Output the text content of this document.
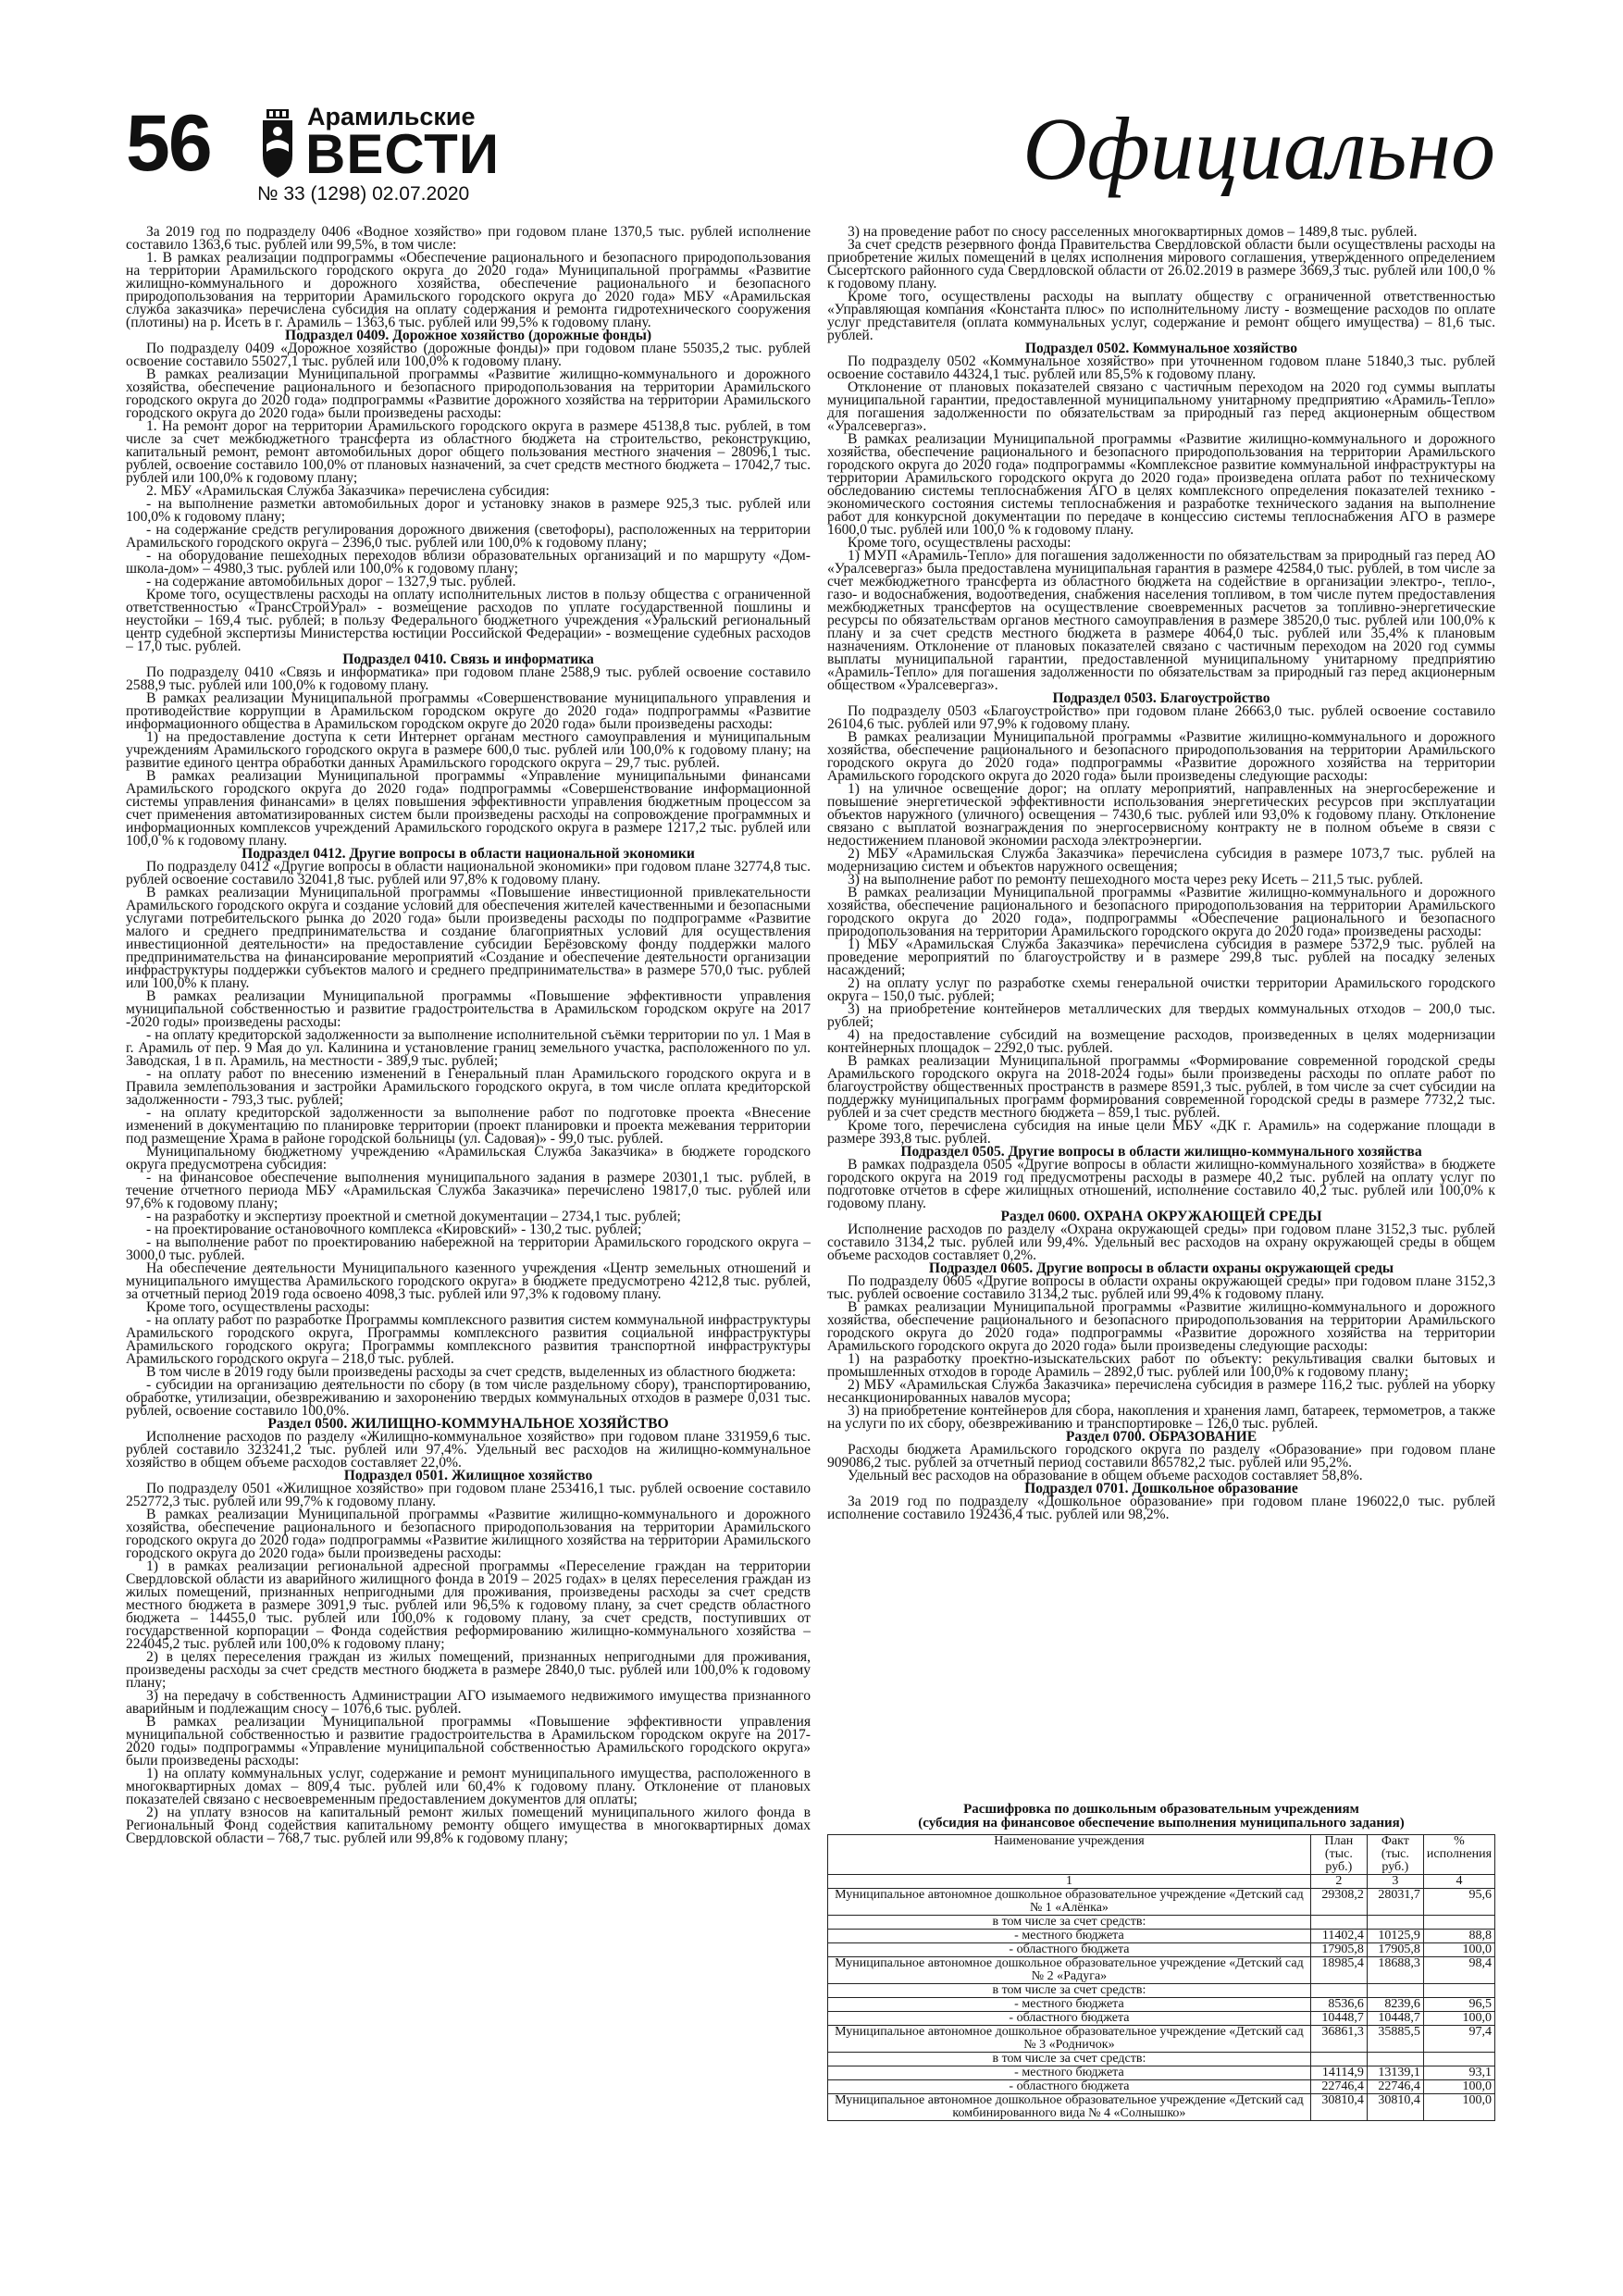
56	Арамильские
ВЕСТИ
№ 33 (1298) 02.07.2020	Официально

За 2019 год по подразделу 0406 «Водное хозяйство» при годовом плане 1370,5 тыс. рублей исполнение составило 1363,6 тыс. рублей или 99,5%, в том числе:

1. В рамках реализации подпрограммы «Обеспечение рационального и безопасного природопользования на территории Арамильского городского округа до 2020 года» Муниципальной программы «Развитие жилищно-коммунального и дорожного хозяйства, обеспечение рационального и безопасного природопользования на территории Арамильского городского округа до 2020 года» МБУ «Арамильская служба заказчика» перечислена субсидия на оплату содержания и ремонта гидротехнического сооружения (плотины) на р. Исеть в г. Арамиль – 1363,6 тыс. рублей или 99,5% к годовому плану.

Подраздел 0409. Дорожное хозяйство (дорожные фонды)

По подразделу 0409 «Дорожное хозяйство (дорожные фонды)» при годовом плане 55035,2 тыс. рублей освоение составило 55027,1 тыс. рублей или 100,0% к годовому плану.

В рамках реализации Муниципальной программы «Развитие жилищно-коммунального и дорожного хозяйства, обеспечение рационального и безопасного природопользования на территории Арамильского городского округа до 2020 года» подпрограммы «Развитие дорожного хозяйства на территории Арамильского городского округа до 2020 года» были произведены расходы:

1. На ремонт дорог на территории Арамильского городского округа в размере 45138,8 тыс. рублей, в том числе за счет межбюджетного трансферта из областного бюджета на строительство, реконструкцию, капитальный ремонт, ремонт автомобильных дорог общего пользования местного значения – 28096,1 тыс. рублей, освоение составило 100,0% от плановых назначений, за счет средств местного бюджета – 17042,7 тыс. рублей или 100,0% к годовому плану;

2. МБУ «Арамильская Служба Заказчика» перечислена субсидия:

- на выполнение разметки автомобильных дорог и установку знаков в размере 925,3 тыс. рублей или 100,0% к годовому плану;

- на содержание средств регулирования дорожного движения (светофоры), расположенных на территории Арамильского городского округа – 2396,0 тыс. рублей или 100,0% к годовому плану;

- на оборудование пешеходных переходов вблизи образовательных организаций и по маршруту «Дом-школа-дом» – 4980,3 тыс. рублей или 100,0% к годовому плану;

- на содержание автомобильных дорог – 1327,9 тыс. рублей.

Кроме того, осуществлены расходы на оплату исполнительных листов в пользу общества с ограниченной ответственностью «ТрансСтройУрал» - возмещение расходов по уплате государственной пошлины и неустойки – 169,4 тыс. рублей; в пользу Федерального бюджетного учреждения «Уральский региональный центр судебной экспертизы Министерства юстиции Российской Федерации» - возмещение судебных расходов – 17,0 тыс. рублей.

Подраздел 0410. Связь и информатика

По подразделу 0410 «Связь и информатика» при годовом плане 2588,9 тыс. рублей освоение составило 2588,9 тыс. рублей или 100,0% к годовому плану.

В рамках реализации Муниципальной программы «Совершенствование муниципального управления и противодействие коррупции в Арамильском городском округе до 2020 года» подпрограммы «Развитие информационного общества в Арамильском городском округе до 2020 года» были произведены расходы:

1) на предоставление доступа к сети Интернет органам местного самоуправления и муниципальным учреждениям Арамильского городского округа в размере 600,0 тыс. рублей или 100,0% к годовому плану; на развитие единого центра обработки данных Арамильского городского округа – 29,7 тыс. рублей.

В рамках реализации Муниципальной программы «Управление муниципальными финансами Арамильского городского округа до 2020 года» подпрограммы «Совершенствование информационной системы управления финансами» в целях повышения эффективности управления бюджетным процессом за счет применения автоматизированных систем были произведены расходы на сопровождение программных и информационных комплексов учреждений Арамильского городского округа в размере 1217,2 тыс. рублей или 100,0 % к годовому плану.

Подраздел 0412. Другие вопросы в области национальной экономики

По подразделу 0412 «Другие вопросы в области национальной экономики» при годовом плане 32774,8 тыс. рублей освоение составило 32041,8 тыс. рублей или 97,8% к годовому плану.

В рамках реализации Муниципальной программы «Повышение инвестиционной привлекательности Арамильского городского округа и создание условий для обеспечения жителей качественными и безопасными услугами потребительского рынка до 2020 года» были произведены расходы по подпрограмме «Развитие малого и среднего предпринимательства и создание благоприятных условий для осуществления инвестиционной деятельности» на предоставление субсидии Берёзовскому фонду поддержки малого предпринимательства на финансирование мероприятий «Создание и обеспечение деятельности организации инфраструктуры поддержки субъектов малого и среднего предпринимательства» в размере 570,0 тыс. рублей или 100,0% к плану.

В рамках реализации Муниципальной программы «Повышение эффективности управления муниципальной собственностью и развитие градостроительства в Арамильском городском округе на 2017 -2020 годы» произведены расходы:

- на оплату кредиторской задолженности за выполнение исполнительной съёмки территории по ул. 1 Мая в г. Арамиль от пер. 9 Мая до ул. Калинина и установление границ земельного участка, расположенного по ул. Заводская, 1 в п. Арамиль, на местности - 389,9 тыс. рублей;

- на оплату работ по внесению изменений в Генеральный план Арамильского городского округа и в Правила землепользования и застройки Арамильского городского округа, в том числе оплата кредиторской задолженности - 793,3 тыс. рублей;

- на оплату кредиторской задолженности за выполнение работ по подготовке проекта «Внесение изменений в документацию по планировке территории (проект планировки и проекта межевания территории под размещение Храма в районе городской больницы (ул. Садовая)» - 99,0 тыс. рублей.

Муниципальному бюджетному учреждению «Арамильская Служба Заказчика» в бюджете городского округа предусмотрена субсидия:

- на финансовое обеспечение выполнения муниципального задания в размере 20301,1 тыс. рублей, в течение отчетного периода МБУ «Арамильская Служба Заказчика» перечислено 19817,0 тыс. рублей или 97,6% к годовому плану;

- на разработку и экспертизу проектной и сметной документации – 2734,1 тыс. рублей;

- на проектирование остановочного комплекса «Кировский» - 130,2 тыс. рублей;

- на выполнение работ по проектированию набережной на территории Арамильского городского округа – 3000,0 тыс. рублей.

На обеспечение деятельности Муниципального казенного учреждения «Центр земельных отношений и муниципального имущества Арамильского городского округа» в бюджете предусмотрено 4212,8 тыс. рублей, за отчетный период 2019 года освоено 4098,3 тыс. рублей или 97,3% к годовому плану.

Кроме того, осуществлены расходы:

- на оплату работ по разработке Программы комплексного развития систем коммунальной инфраструктуры Арамильского городского округа, Программы комплексного развития социальной инфраструктуры Арамильского городского округа; Программы комплексного развития транспортной инфраструктуры Арамильского городского округа – 218,0 тыс. рублей.

В том числе в 2019 году были произведены расходы за счет средств, выделенных из областного бюджета:

- субсидии на организацию деятельности по сбору (в том числе раздельному сбору), транспортированию, обработке, утилизации, обезвреживанию и захоронению твердых коммунальных отходов в размере 0,031 тыс. рублей, освоение составило 100,0%.

Раздел 0500. ЖИЛИЩНО-КОММУНАЛЬНОЕ ХОЗЯЙСТВО

Исполнение расходов по разделу «Жилищно-коммунальное хозяйство» при годовом плане 331959,6 тыс. рублей составило 323241,2 тыс. рублей или 97,4%. Удельный вес расходов на жилищно-коммунальное хозяйство в общем объеме расходов составляет 22,0%.

Подраздел 0501. Жилищное хозяйство

По подразделу 0501 «Жилищное хозяйство» при годовом плане 253416,1 тыс. рублей освоение составило 252772,3 тыс. рублей или 99,7% к годовому плану.

В рамках реализации Муниципальной программы «Развитие жилищно-коммунального и дорожного хозяйства, обеспечение рационального и безопасного природопользования на территории Арамильского городского округа до 2020 года» подпрограммы «Развитие жилищного хозяйства на территории Арамильского городского округа до 2020 года» были произведены расходы:

1) в рамках реализации региональной адресной программы «Переселение граждан на территории Свердловской области из аварийного жилищного фонда в 2019 – 2025 годах» в целях переселения граждан из жилых помещений, признанных непригодными для проживания, произведены расходы за счет средств местного бюджета в размере 3091,9 тыс. рублей или 96,5% к годовому плану, за счет средств областного бюджета – 14455,0 тыс. рублей или 100,0% к годовому плану, за счет средств, поступивших от государственной корпорации – Фонда содействия реформированию жилищно-коммунального хозяйства – 224045,2 тыс. рублей или 100,0% к годовому плану;

2) в целях переселения граждан из жилых помещений, признанных непригодными для проживания, произведены расходы за счет средств местного бюджета в размере 2840,0 тыс. рублей или 100,0% к годовому плану;

3) на передачу в собственность Администрации АГО изымаемого недвижимого имущества признанного аварийным и подлежащим сносу – 1076,6 тыс. рублей.

В рамках реализации Муниципальной программы «Повышение эффективности управления муниципальной собственностью и развитие градостроительства в Арамильском городском округе на 2017-2020 годы» подпрограммы «Управление муниципальной собственностью Арамильского городского округа» были произведены расходы:

1) на оплату коммунальных услуг, содержание и ремонт муниципального имущества, расположенного в многоквартирных домах – 809,4 тыс. рублей или 60,4% к годовому плану. Отклонение от плановых показателей связано с несвоевременным предоставлением документов для оплаты;

2) на уплату взносов на капитальный ремонт жилых помещений муниципального жилого фонда в Региональный Фонд содействия капитальному ремонту общего имущества в многоквартирных домах Свердловской области – 768,7 тыс. рублей или 99,8% к годовому плану;

3) на проведение работ по сносу расселенных многоквартирных домов – 1489,8 тыс. рублей.

За счет средств резервного фонда Правительства Свердловской области были осуществлены расходы на приобретение жилых помещений в целях исполнения мирового соглашения, утвержденного определением Сысертского районного суда Свердловской области от 26.02.2019 в размере 3669,3 тыс. рублей или 100,0 % к годовому плану.

Кроме того, осуществлены расходы на выплату обществу с ограниченной ответственностью «Управляющая компания «Константа плюс» по исполнительному листу - возмещение расходов по оплате услуг представителя (оплата коммунальных услуг, содержание и ремонт общего имущества) – 81,6 тыс. рублей.

Подраздел 0502. Коммунальное хозяйство

По подразделу 0502 «Коммунальное хозяйство» при уточненном годовом плане 51840,3 тыс. рублей освоение составило 44324,1 тыс. рублей или 85,5% к годовому плану.

Отклонение от плановых показателей связано с частичным переходом на 2020 год суммы выплаты муниципальной гарантии, предоставленной муниципальному унитарному предприятию «Арамиль-Тепло» для погашения задолженности по обязательствам за природный газ перед акционерным обществом «Уралсевергаз».

В рамках реализации Муниципальной программы «Развитие жилищно-коммунального и дорожного хозяйства, обеспечение рационального и безопасного природопользования на территории Арамильского городского округа до 2020 года» подпрограммы «Комплексное развитие коммунальной инфраструктуры на территории Арамильского городского округа до 2020 года» произведена оплата работ по техническому обследованию системы теплоснабжения АГО в целях комплексного определения показателей технико - экономического состояния системы теплоснабжения и разработке технического задания на выполнение работ для конкурсной документации по передаче в концессию системы теплоснабжения АГО в размере 1600,0 тыс. рублей или 100,0 % к годовому плану.

Кроме того, осуществлены расходы:

1) МУП «Арамиль-Тепло» для погашения задолженности по обязательствам за природный газ перед АО «Уралсевергаз» была предоставлена муниципальная гарантия в размере 42584,0 тыс. рублей, в том числе за счет межбюджетного трансферта из областного бюджета на содействие в организации электро-, тепло-, газо- и водоснабжения, водоотведения, снабжения населения топливом, в том числе путем предоставления межбюджетных трансфертов на осуществление своевременных расчетов за топливно-энергетические ресурсы по обязательствам органов местного самоуправления в размере 38520,0 тыс. рублей или 100,0% к плану и за счет средств местного бюджета в размере 4064,0 тыс. рублей или 35,4% к плановым назначениям. Отклонение от плановых показателей связано с частичным переходом на 2020 год суммы выплаты муниципальной гарантии, предоставленной муниципальному унитарному предприятию «Арамиль-Тепло» для погашения задолженности по обязательствам за природный газ перед акционерным обществом «Уралсевергаз».

Подраздел 0503. Благоустройство

По подразделу 0503 «Благоустройство» при годовом плане 26663,0 тыс. рублей освоение составило 26104,6 тыс. рублей или 97,9% к годовому плану.

В рамках реализации Муниципальной программы «Развитие жилищно-коммунального и дорожного хозяйства, обеспечение рационального и безопасного природопользования на территории Арамильского городского округа до 2020 года» подпрограммы «Развитие дорожного хозяйства на территории Арамильского городского округа до 2020 года» были произведены следующие расходы:

1) на уличное освещение дорог; на оплату мероприятий, направленных на энергосбережение и повышение энергетической эффективности использования энергетических ресурсов при эксплуатации объектов наружного (уличного) освещения – 7430,6 тыс. рублей или 93,0% к годовому плану. Отклонение связано с выплатой вознаграждения по энергосервисному контракту не в полном объеме в связи с недостижением плановой экономии расхода электроэнергии.

2) МБУ «Арамильская Служба Заказчика» перечислена субсидия в размере 1073,7 тыс. рублей на модернизацию систем и объектов наружного освещения;

3) на выполнение работ по ремонту пешеходного моста через реку Исеть – 211,5 тыс. рублей.

В рамках реализации Муниципальной программы «Развитие жилищно-коммунального и дорожного хозяйства, обеспечение рационального и безопасного природопользования на территории Арамильского городского округа до 2020 года», подпрограммы «Обеспечение рационального и безопасного природопользования на территории Арамильского городского округа до 2020 года» произведены расходы:

1) МБУ «Арамильская Служба Заказчика» перечислена субсидия в размере 5372,9 тыс. рублей на проведение мероприятий по благоустройству и в размере 299,8 тыс. рублей на посадку зеленых насаждений;

2) на оплату услуг по разработке схемы генеральной очистки территории Арамильского городского округа – 150,0 тыс. рублей;

3) на приобретение контейнеров металлических для твердых коммунальных отходов – 200,0 тыс. рублей;

4) на предоставление субсидий на возмещение расходов, произведенных в целях модернизации контейнерных площадок – 2292,0 тыс. рублей.

В рамках реализации Муниципальной программы «Формирование современной городской среды Арамильского городского округа на 2018-2024 годы» были произведены расходы по оплате работ по благоустройству общественных пространств в размере 8591,3 тыс. рублей, в том числе за счет субсидии на поддержку муниципальных программ формирования современной городской среды в размере 7732,2 тыс. рублей и за счет средств местного бюджета – 859,1 тыс. рублей.

Кроме того, перечислена субсидия на иные цели МБУ «ДК г. Арамиль» на содержание площади в размере 393,8 тыс. рублей.

Подраздел 0505. Другие вопросы в области жилищно-коммунального хозяйства

В рамках подраздела 0505 «Другие вопросы в области жилищно-коммунального хозяйства» в бюджете городского округа на 2019 год предусмотрены расходы в размере 40,2 тыс. рублей на оплату услуг по подготовке отчетов в сфере жилищных отношений, исполнение составило 40,2 тыс. рублей или 100,0% к годовому плану.

Раздел 0600. ОХРАНА ОКРУЖАЮЩЕЙ СРЕДЫ

Исполнение расходов по разделу «Охрана окружающей среды» при годовом плане 3152,3 тыс. рублей составило 3134,2 тыс. рублей или 99,4%. Удельный вес расходов на охрану окружающей среды в общем объеме расходов составляет 0,2%.

Подраздел 0605. Другие вопросы в области охраны окружающей среды

По подразделу 0605 «Другие вопросы в области охраны окружающей среды» при годовом плане 3152,3 тыс. рублей освоение составило 3134,2 тыс. рублей или 99,4% к годовому плану.

В рамках реализации Муниципальной программы «Развитие жилищно-коммунального и дорожного хозяйства, обеспечение рационального и безопасного природопользования на территории Арамильского городского округа до 2020 года» подпрограммы «Развитие дорожного хозяйства на территории Арамильского городского округа до 2020 года» были произведены следующие расходы:

1) на разработку проектно-изыскательских работ по объекту: рекультивация свалки бытовых и промышленных отходов в городе Арамиль – 2892,0 тыс. рублей или 100,0% к годовому плану;

2) МБУ «Арамильская Служба Заказчика» перечислена субсидия в размере 116,2 тыс. рублей на уборку несанкционированных навалов мусора;

3) на приобретение контейнеров для сбора, накопления и хранения ламп, батареек, термометров, а также на услуги по их сбору, обезвреживанию и транспортировке – 126,0 тыс. рублей.

Раздел 0700. ОБРАЗОВАНИЕ

Расходы бюджета Арамильского городского округа по разделу «Образование» при годовом плане 909086,2 тыс. рублей за отчетный период составили 865782,2 тыс. рублей или 95,2%.

Удельный вес расходов на образование в общем объеме расходов составляет 58,8%.

Подраздел 0701. Дошкольное образование

За 2019 год по подразделу «Дошкольное образование» при годовом плане 196022,0 тыс. рублей исполнение составило 192436,4 тыс. рублей или 98,2%.

Расшифровка по дошкольным образовательным учреждениям
(субсидия на финансовое обеспечение выполнения муниципального задания)
Наименование учреждения	План (тыс. руб.)	Факт (тыс. руб.)	% исполнения
1	2	3	4
Муниципальное автономное дошкольное образовательное учреждение «Детский сад № 1 «Алёнка»	29308,2	28031,7	95,6
в том числе за счет средств:			
- местного бюджета	11402,4	10125,9	88,8
- областного бюджета	17905,8	17905,8	100,0
Муниципальное автономное дошкольное образовательное учреждение «Детский сад № 2 «Радуга»	18985,4	18688,3	98,4
в том числе за счет средств:			
- местного бюджета	8536,6	8239,6	96,5
- областного бюджета	10448,7	10448,7	100,0
Муниципальное автономное дошкольное образовательное учреждение «Детский сад № 3 «Родничок»	36861,3	35885,5	97,4
в том числе за счет средств:			
- местного бюджета	14114,9	13139,1	93,1
- областного бюджета	22746,4	22746,4	100,0
Муниципальное автономное дошкольное образовательное учреждение «Детский сад комбинированного вида № 4 «Солнышко»	30810,4	30810,4	100,0
